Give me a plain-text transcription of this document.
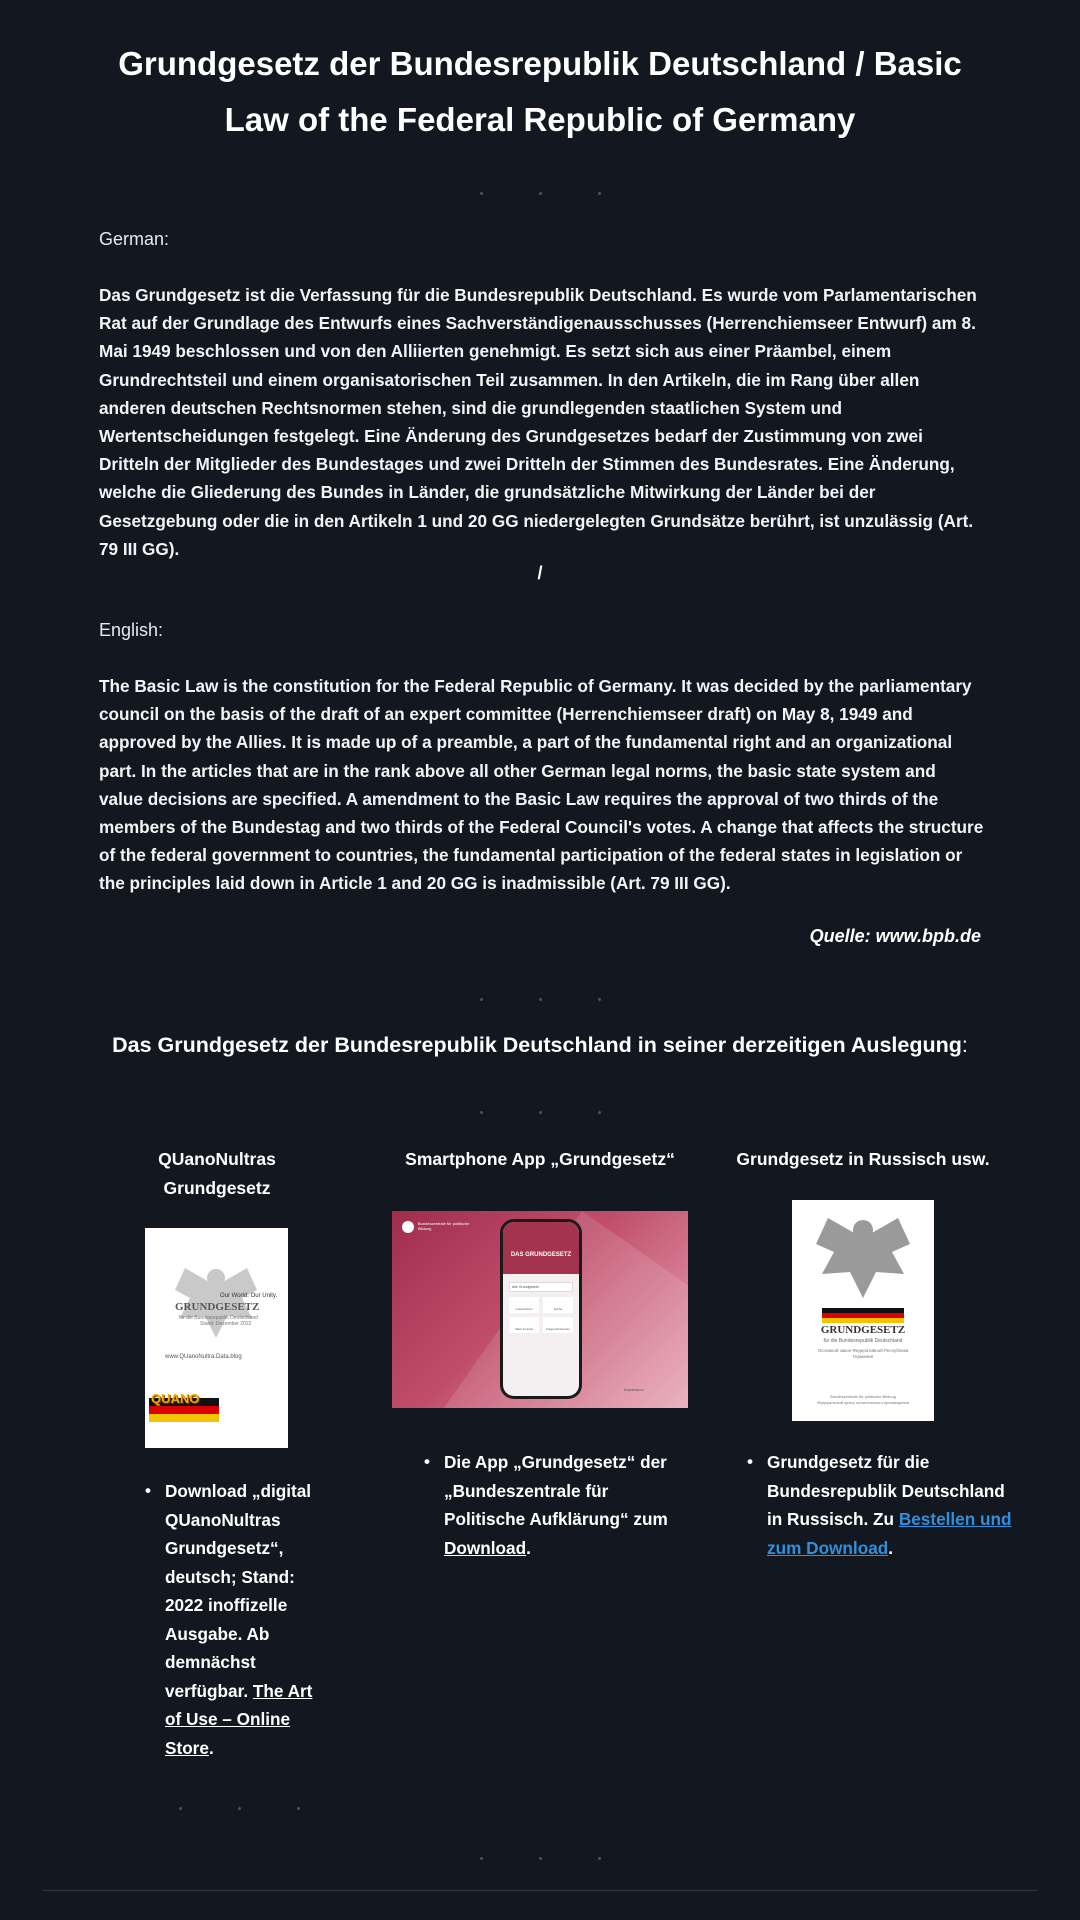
Grundgesetz der Bundesrepublik Deutschland / Basic Law of the Federal Republic of Germany
German:

Das Grundgesetz ist die Verfassung für die Bundesrepublik Deutschland. Es wurde vom Parlamentarischen Rat auf der Grundlage des Entwurfs eines Sachverständigenausschusses (Herrenchiemseer Entwurf) am 8. Mai 1949 beschlossen und von den Alliierten genehmigt. Es setzt sich aus einer Präambel, einem Grundrechtsteil und einem organisatorischen Teil zusammen. In den Artikeln, die im Rang über allen anderen deutschen Rechtsnormen stehen, sind die grundlegenden staatlichen System und Wertentscheidungen festgelegt. Eine Änderung des Grundgesetzes bedarf der Zustimmung von zwei Dritteln der Mitglieder des Bundestages und zwei Dritteln der Stimmen des Bundesrates. Eine Änderung, welche die Gliederung des Bundes in Länder, die grundsätzliche Mitwirkung der Länder bei der Gesetzgebung oder die in den Artikeln 1 und 20 GG niedergelegten Grundsätze berührt, ist unzulässig (Art. 79 III GG).

/
English:

The Basic Law is the constitution for the Federal Republic of Germany. It was decided by the parliamentary council on the basis of the draft of an expert committee (Herrenchiemseer draft) on May 8, 1949 and approved by the Allies. It is made up of a preamble, a part of the fundamental right and an organizational part. In the articles that are in the rank above all other German legal norms, the basic state system and value decisions are specified. A amendment to the Basic Law requires the approval of two thirds of the members of the Bundestag and two thirds of the Federal Council's votes. A change that affects the structure of the federal government to countries, the fundamental participation of the federal states in legislation or the principles laid down in Article 1 and 20 GG is inadmissible (Art. 79 III GG).

Quelle: www.bpb.de
Das Grundgesetz der Bundesrepublik Deutschland in seiner derzeitigen Auslegung:
QUanoNultras Grundgesetz
Our World. Our Unity.
GRUNDGESETZ
für die Bundesrepublik Deutschland
Stand: Dezember 2022
www.QUanoNultra.Data.blog
QUANO
• Download „digital QUanoNultras Grundgesetz“, deutsch; Stand: 2022 inoffizelle Ausgabe. Ab demnächst verfügbar. The Art of Use – Online Store.
Smartphone App „Grundgesetz“
Bundeszentrale für politische Bildung
DAS GRUNDGESETZ
Alle Grundgesetz
Lesezeichen	Suche
Mein Journal	Fragen/Antworten
Impressum
• Die App „Grundgesetz“ der „Bundeszentrale für Politische Aufklärung“ zum Download.
Grundgesetz in Russisch usw.
GRUNDGESETZ
für die Bundesrepublik Deutschland
Основной закон Федеративной Республики Германия
Bundeszentrale für politische Bildung
Федеральный центр политического просвещения
• Grundgesetz für die Bundesrepublik Deutschland in Russisch. Zu Bestellen und zum Download.
